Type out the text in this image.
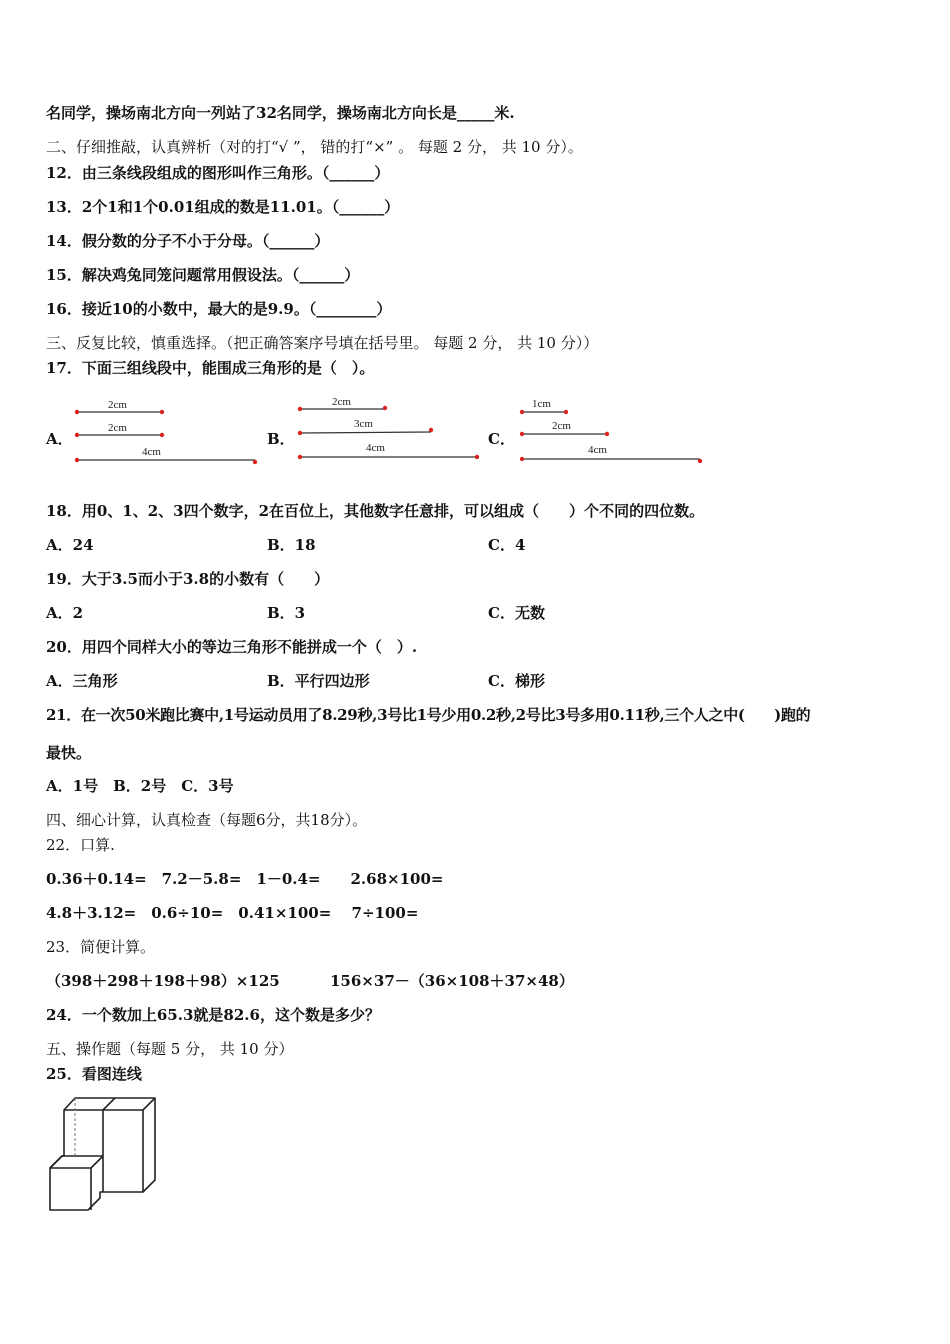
名同学，操场南北方向一列站了32名同学，操场南北方向长是_____米.
二、仔细推敲，认真辨析（对的打“√ ”， 错的打“×” 。 每题 2 分， 共 10 分）。
12．由三条线段组成的图形叫作三角形。（______）
13．2个1和1个0.01组成的数是11.01。（______）
14．假分数的分子不小于分母。（______）
15．解决鸡兔同笼问题常用假设法。（______）
16．接近10的小数中，最大的是9.9。（________）
三、反复比较，慎重选择。（把正确答案序号填在括号里。 每题 2 分， 共 10 分））
17．下面三组线段中，能围成三角形的是（　）。
A．	B．	C．
2cm
2cm
4cm
2cm
3cm
4cm
1cm
2cm
4cm
18．用0、1、2、3四个数字，2在百位上，其他数字任意排，可以组成（　　）个不同的四位数。
A．24	B．18	C．4
19．大于3.5而小于3.8的小数有（　　）
A．2	B．3	C．无数
20．用四个同样大小的等边三角形不能拼成一个（　）.
A．三角形	B．平行四边形	C．梯形
21．在一次50米跑比赛中,1号运动员用了8.29秒,3号比1号少用0.2秒,2号比3号多用0.11秒,三个人之中(　　)跑的
最快。
A．1号　B．2号　C．3号
四、细心计算，认真检查（每题6分，共18分）。
22．口算.
0.36＋0.14=　7.2－5.8=　1－0.4=　　2.68×100=
4.8＋3.12=　0.6÷10=　0.41×100=　 7÷100=
23．简便计算。
（398＋298＋198＋98）×125	156×37－（36×108＋37×48）
24．一个数加上65.3就是82.6，这个数是多少？
五、操作题（每题 5 分， 共 10 分）
25．看图连线
